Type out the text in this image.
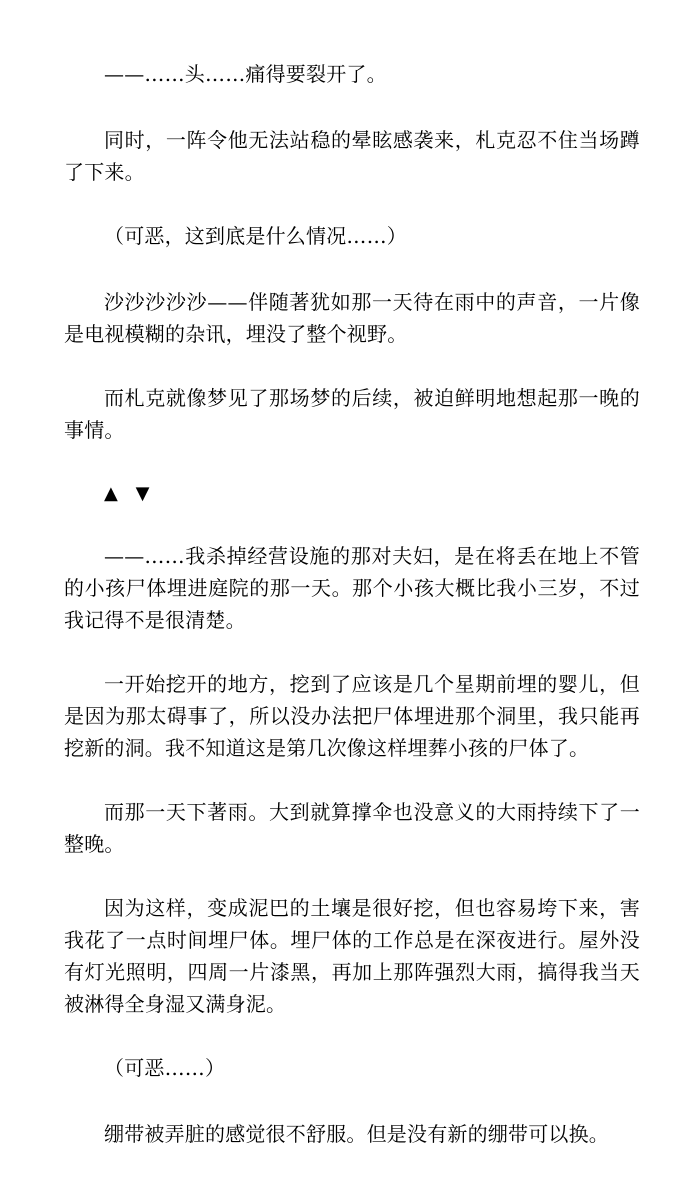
——……头……痛得要裂开了。

同时，一阵令他无法站稳的晕眩感袭来，札克忍不住当场蹲了下来。

（可恶，这到底是什么情况……）

沙沙沙沙沙——伴随著犹如那一天待在雨中的声音，一片像是电视模糊的杂讯，埋没了整个视野。

而札克就像梦见了那场梦的后续，被迫鲜明地想起那一晚的事情。

▲ ▼

——……我杀掉经营设施的那对夫妇，是在将丢在地上不管的小孩尸体埋进庭院的那一天。那个小孩大概比我小三岁，不过我记得不是很清楚。

一开始挖开的地方，挖到了应该是几个星期前埋的婴儿，但是因为那太碍事了，所以没办法把尸体埋进那个洞里，我只能再挖新的洞。我不知道这是第几次像这样埋葬小孩的尸体了。

而那一天下著雨。大到就算撑伞也没意义的大雨持续下了一整晚。

因为这样，变成泥巴的土壤是很好挖，但也容易垮下来，害我花了一点时间埋尸体。埋尸体的工作总是在深夜进行。屋外没有灯光照明，四周一片漆黑，再加上那阵强烈大雨，搞得我当天被淋得全身湿又满身泥。

（可恶……）

绷带被弄脏的感觉很不舒服。但是没有新的绷带可以换。
